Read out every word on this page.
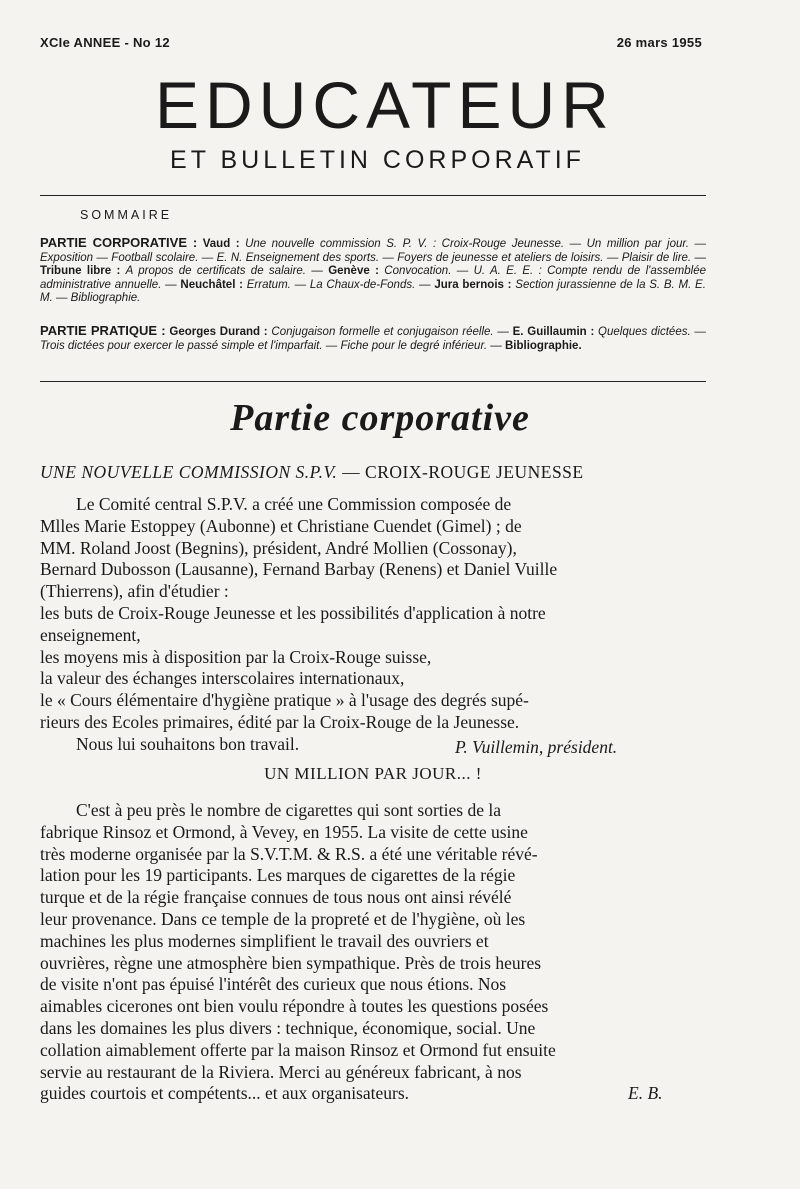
XCIe ANNEE - No 12	26 mars 1955
EDUCATEUR
ET BULLETIN CORPORATIF
SOMMAIRE
PARTIE CORPORATIVE : Vaud : Une nouvelle commission S. P. V. : Croix-Rouge Jeunesse. — Un million par jour. — Exposition — Football scolaire. — E. N. Enseignement des sports. — Foyers de jeunesse et ateliers de loisirs. — Plaisir de lire. — Tribune libre : A propos de certificats de salaire. — Genève : Convocation. — U. A. E. E. : Compte rendu de l'assemblée administrative annuelle. — Neuchâtel : Erratum. — La Chaux-de-Fonds. — Jura bernois : Section jurassienne de la S. B. M. E. M. — Bibliographie.
PARTIE PRATIQUE : Georges Durand : Conjugaison formelle et conjugaison réelle. — E. Guillaumin : Quelques dictées. — Trois dictées pour exercer le passé simple et l'imparfait. — Fiche pour le degré inférieur. — Bibliographie.
Partie corporative
UNE NOUVELLE COMMISSION S.P.V. — CROIX-ROUGE JEUNESSE
Le Comité central S.P.V. a créé une Commission composée de
Mlles Marie Estoppey (Aubonne) et Christiane Cuendet (Gimel) ; de
MM. Roland Joost (Begnins), président, André Mollien (Cossonay),
Bernard Dubosson (Lausanne), Fernand Barbay (Renens) et Daniel Vuille
(Thierrens), afin d'étudier :
les buts de Croix-Rouge Jeunesse et les possibilités d'application à notre
enseignement,
les moyens mis à disposition par la Croix-Rouge suisse,
la valeur des échanges interscolaires internationaux,
le « Cours élémentaire d'hygiène pratique » à l'usage des degrés supé-
rieurs des Ecoles primaires, édité par la Croix-Rouge de la Jeunesse.
Nous lui souhaitons bon travail.	P. Vuillemin, président.
UN MILLION PAR JOUR... !
C'est à peu près le nombre de cigarettes qui sont sorties de la
fabrique Rinsoz et Ormond, à Vevey, en 1955. La visite de cette usine
très moderne organisée par la S.V.T.M. & R.S. a été une véritable révé-
lation pour les 19 participants. Les marques de cigarettes de la régie
turque et de la régie française connues de tous nous ont ainsi révélé
leur provenance. Dans ce temple de la propreté et de l'hygiène, où les
machines les plus modernes simplifient le travail des ouvriers et
ouvrières, règne une atmosphère bien sympathique. Près de trois heures
de visite n'ont pas épuisé l'intérêt des curieux que nous étions. Nos
aimables cicerones ont bien voulu répondre à toutes les questions posées
dans les domaines les plus divers : technique, économique, social. Une
collation aimablement offerte par la maison Rinsoz et Ormond fut ensuite
servie au restaurant de la Riviera. Merci au généreux fabricant, à nos
guides courtois et compétents... et aux organisateurs.	E. B.
